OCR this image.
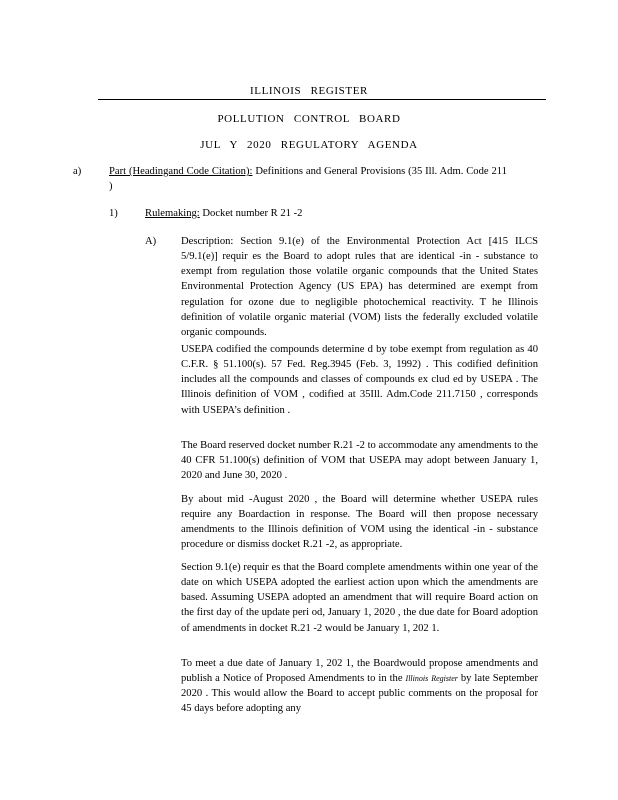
ILLINOIS REGISTER
POLLUTION CONTROL BOARD
JUL Y 2020 REGULATORY AGENDA
a)	Part (Headingand Code Citation): Definitions and General Provisions (35 Ill. Adm. Code 211 )
1)	Rulemaking: Docket number R 21 -2
A) Description: Section 9.1(e) of the Environmental Protection Act [415 ILCS 5/9.1(e)] requir es the Board to adopt rules that are identical -in - substance to exempt from regulation those volatile organic compounds that the United States Environmental Protection Agency (US EPA) has determined are exempt from regulation for ozone due to negligible photochemical reactivity. T he Illinois definition of volatile organic material (VOM) lists the federally excluded volatile organic compounds.

USEPA codified the compounds determine d by tobe exempt from regulation as 40 C.F.R. § 51.100(s). 57 Fed. Reg.3945 (Feb. 3, 1992) . This codified definition includes all the compounds and classes of compounds ex clud ed by USEPA . The Illinois definition of VOM , codified at 35Ill. Adm.Code 211.7150 , corresponds with USEPA’s definition .

The Board reserved docket number R.21 -2 to accommodate any amendments to the 40 CFR 51.100(s) definition of VOM that USEPA may adopt between January 1, 2020 and June 30, 2020 .

By about mid -August 2020 , the Board will determine whether USEPA rules require any Boardaction in response. The Board will then propose necessary amendments to the Illinois definition of VOM using the identical -in - substance procedure or dismiss docket R.21 -2, as appropriate.

Section 9.1(e) requir es that the Board complete amendments within one year of the date on which USEPA adopted the earliest action upon which the amendments are based. Assuming USEPA adopted an amendment that will require Board action on the first day of the update peri od, January 1, 2020 , the due date for Board adoption of amendments in docket R.21 -2 would be January 1, 202 1.

To meet a due date of January 1, 202 1, the Boardwould propose amendments and publish a Notice of Proposed Amendments to in the Illinois Register by late September 2020 . This would allow the Board to accept public comments on the proposal for 45 days before adopting any
